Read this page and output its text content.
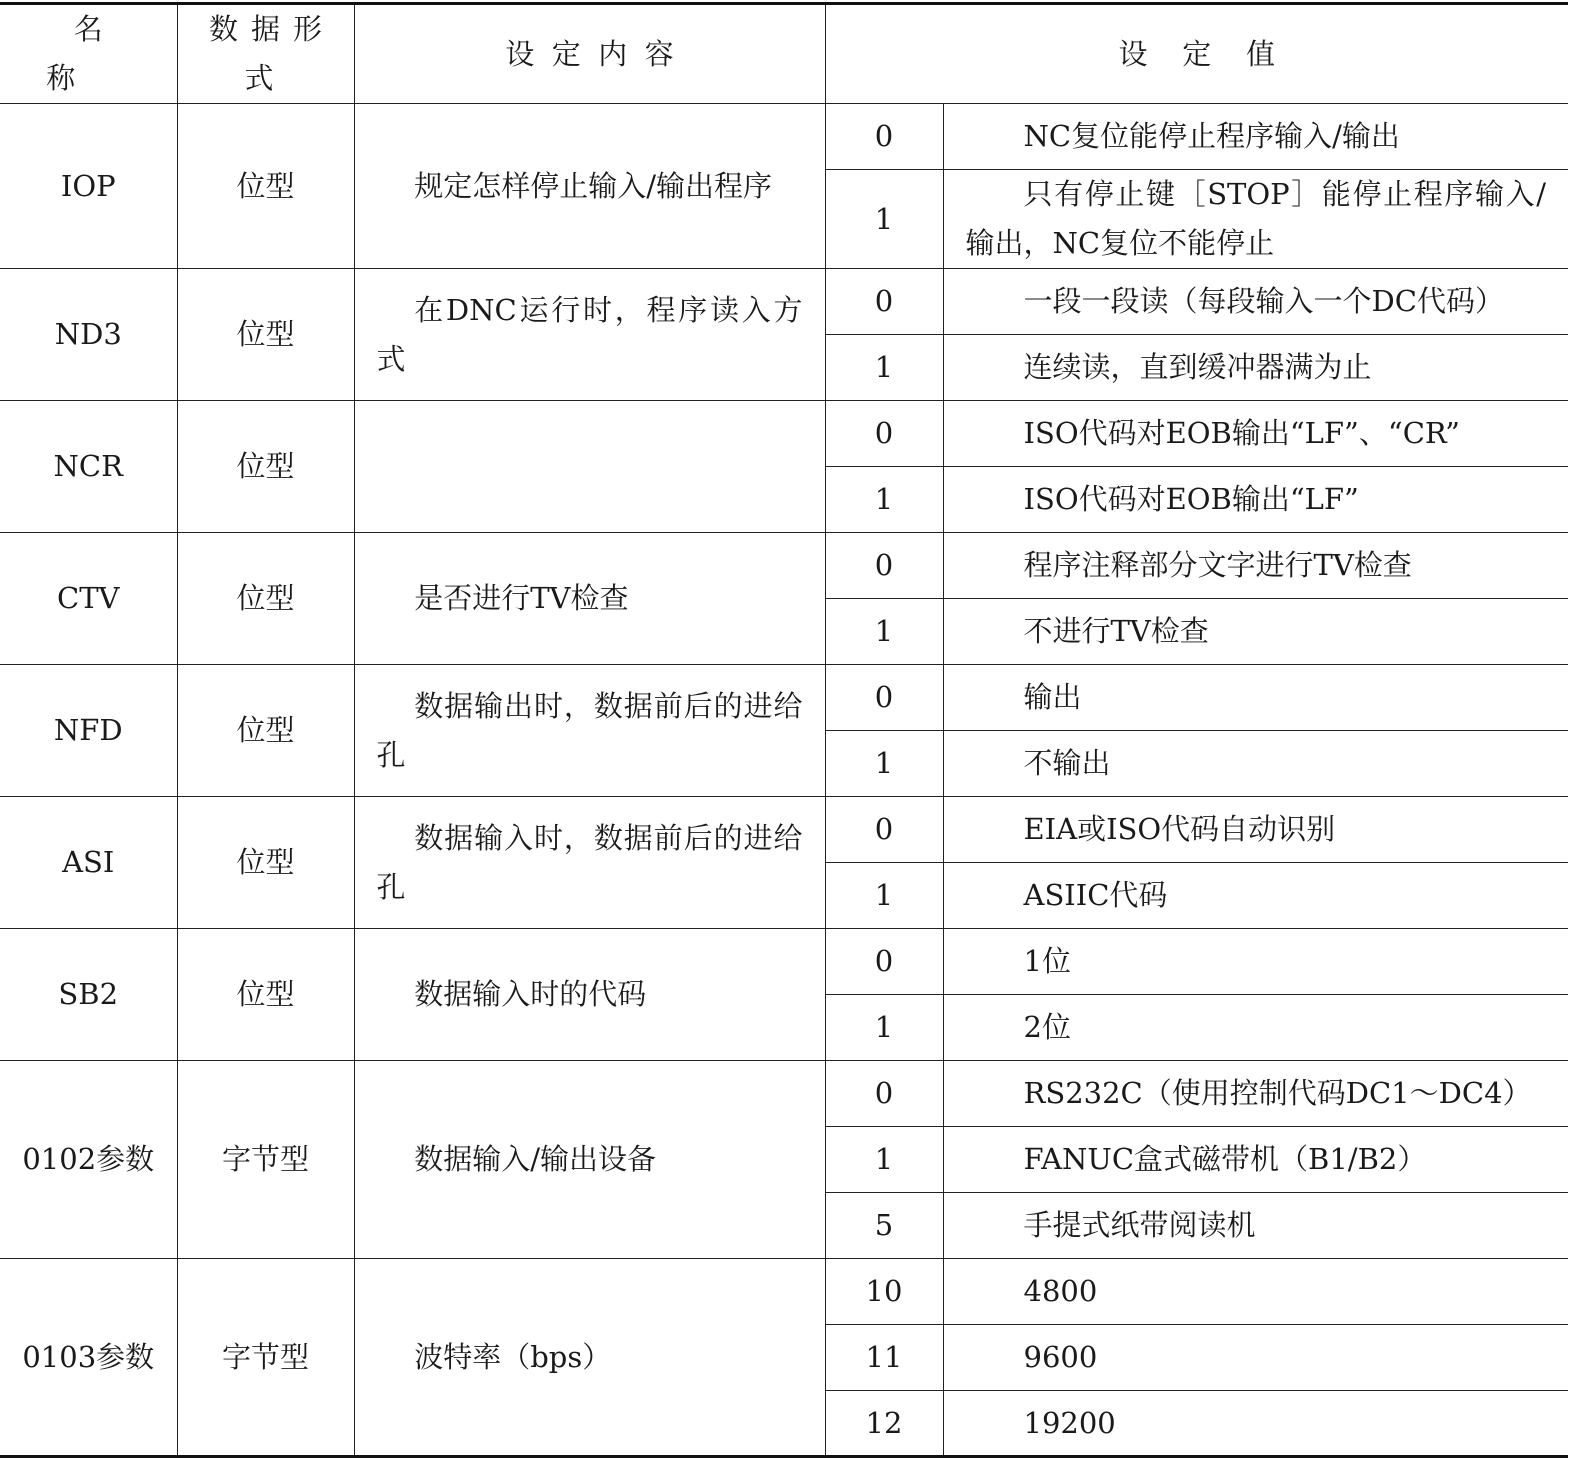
名称	数据形式	设定内容	设定值	
IOP	位型	规定怎样停止输入/输出程序	0	NC复位能停止程序输入/输出

			1	只有停止键［STOP］能停止程序输入/输出，NC复位不能停止

ND3	位型	在DNC运行时，程序读入方式	0	一段一段读（每段输入一个DC代码）

			1	连续读，直到缓冲器满为止

NCR	位型		0	ISO代码对EOB输出“LF”、“CR”

			1	ISO代码对EOB输出“LF”

CTV	位型	是否进行TV检查	0	程序注释部分文字进行TV检查

			1	不进行TV检查

NFD	位型	数据输出时，数据前后的进给孔	0	输出

			1	不输出

ASI	位型	数据输入时，数据前后的进给孔	0	EIA或ISO代码自动识别

			1	ASIIC代码

SB2	位型	数据输入时的代码	0	1位

			1	2位

0102参数	字节型	数据输入/输出设备	0	RS232C（使用控制代码DC1～DC4）

			1	FANUC盒式磁带机（B1/B2）

			5	手提式纸带阅读机

0103参数	字节型	波特率（bps）	10	4800

			11	9600

			12	19200
